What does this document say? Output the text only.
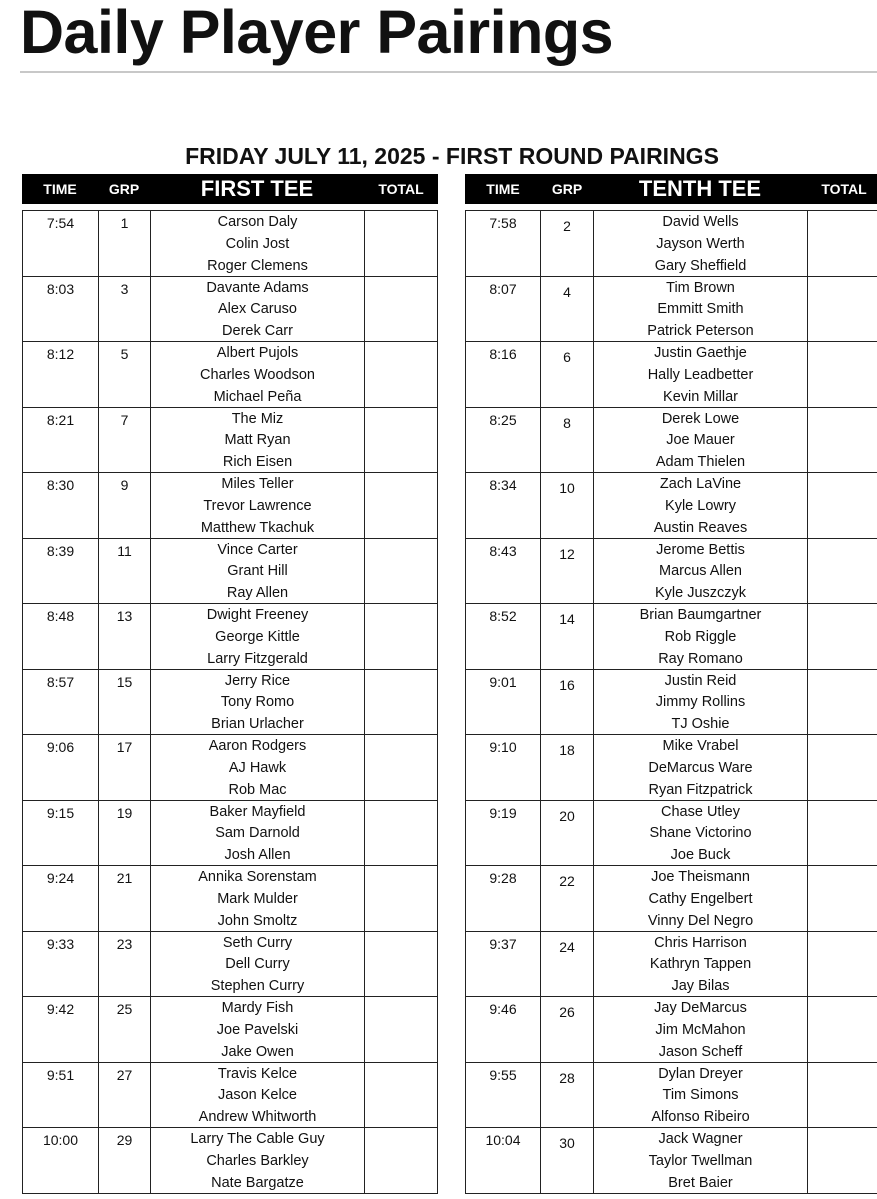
Daily Player Pairings
FRIDAY JULY 11, 2025 - FIRST ROUND PAIRINGS
TIME	GRP	FIRST TEE	TOTAL
7:54	1	Carson Daly
Colin Jost
Roger Clemens
8:03	3	Davante Adams
Alex Caruso
Derek Carr
8:12	5	Albert Pujols
Charles Woodson
Michael Peña
8:21	7	The Miz
Matt Ryan
Rich Eisen
8:30	9	Miles Teller
Trevor Lawrence
Matthew Tkachuk
8:39	11	Vince Carter
Grant Hill
Ray Allen
8:48	13	Dwight Freeney
George Kittle
Larry Fitzgerald
8:57	15	Jerry Rice
Tony Romo
Brian Urlacher
9:06	17	Aaron Rodgers
AJ Hawk
Rob Mac
9:15	19	Baker Mayfield
Sam Darnold
Josh Allen
9:24	21	Annika Sorenstam
Mark Mulder
John Smoltz
9:33	23	Seth Curry
Dell Curry
Stephen Curry
9:42	25	Mardy Fish
Joe Pavelski
Jake Owen
9:51	27	Travis Kelce
Jason Kelce
Andrew Whitworth
10:00	29	Larry The Cable Guy
Charles Barkley
Nate Bargatze
TIME	GRP	TENTH TEE	TOTAL
7:58	2	David Wells
Jayson Werth
Gary Sheffield
8:07	4	Tim Brown
Emmitt Smith
Patrick Peterson
8:16	6	Justin Gaethje
Hally Leadbetter
Kevin Millar
8:25	8	Derek Lowe
Joe Mauer
Adam Thielen
8:34	10	Zach LaVine
Kyle Lowry
Austin Reaves
8:43	12	Jerome Bettis
Marcus Allen
Kyle Juszczyk
8:52	14	Brian Baumgartner
Rob Riggle
Ray Romano
9:01	16	Justin Reid
Jimmy Rollins
TJ Oshie
9:10	18	Mike Vrabel
DeMarcus Ware
Ryan Fitzpatrick
9:19	20	Chase Utley
Shane Victorino
Joe Buck
9:28	22	Joe Theismann
Cathy Engelbert
Vinny Del Negro
9:37	24	Chris Harrison
Kathryn Tappen
Jay Bilas
9:46	26	Jay DeMarcus
Jim McMahon
Jason Scheff
9:55	28	Dylan Dreyer
Tim Simons
Alfonso Ribeiro
10:04	30	Jack Wagner
Taylor Twellman
Bret Baier
